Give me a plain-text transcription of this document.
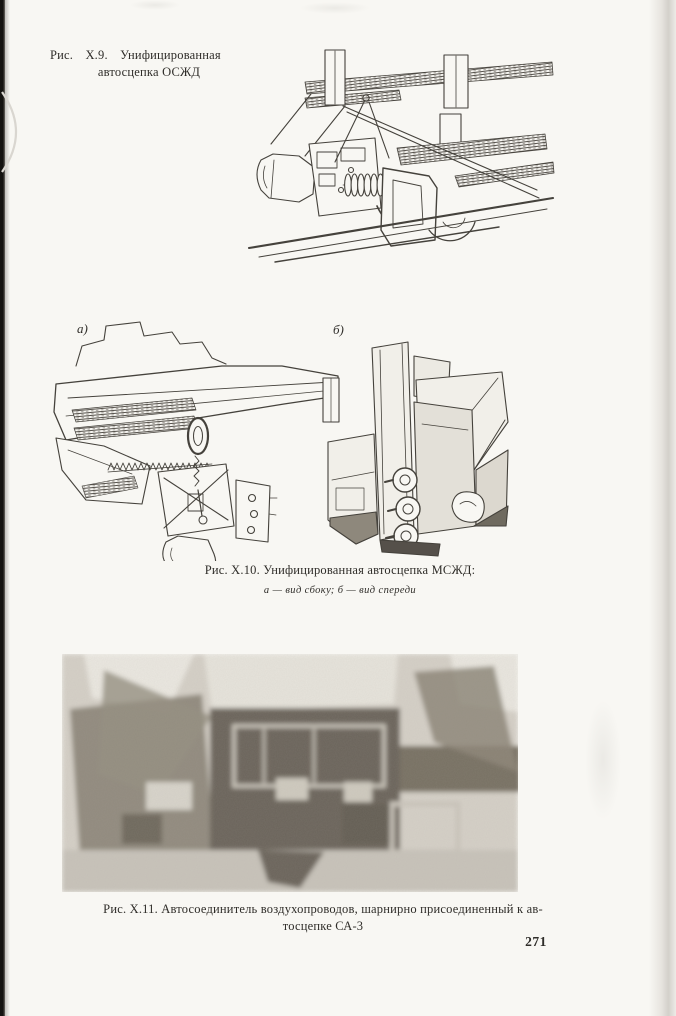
Рис. X.9. Унифицированная
автосцепка ОСЖД
а)	б)
Рис. X.10. Унифицированная автосцепка МСЖД:
а — вид сбоку; б — вид спереди
Рис. X.11. Автосоединитель воздухопроводов, шарнирно присоединенный к ав-
тосцепке СА-3
271
